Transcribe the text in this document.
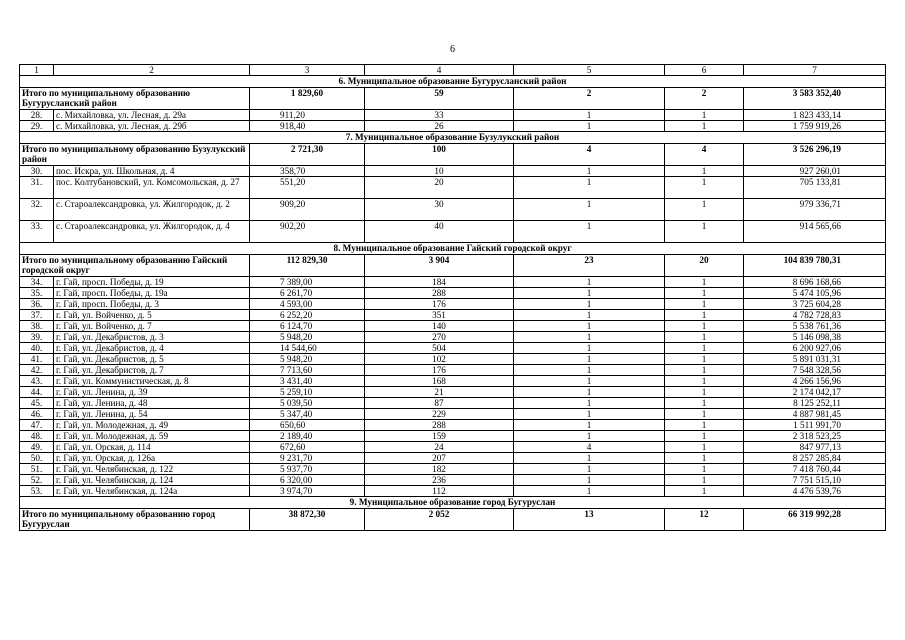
6
1	2	3	4	5	6	7
6. Муниципальное образование Бугурусланский район						
Итого по муниципальному образованию Бугурусланский район		1 829,60	59	2	2	3 583 352,40
28.	с. Михайловка, ул. Лесная, д. 29а	911,20	33	1	1	1 823 433,14
29.	с. Михайловка, ул. Лесная, д. 29б	918,40	26	1	1	1 759 919,26
7. Муниципальное образование Бузулукский район						
Итого по муниципальному образованию Бузулукский район		2 721,30	100	4	4	3 526 296,19
30.	пос. Искра, ул. Школьная, д. 4	358,70	10	1	1	927 260,01
31.	пос. Колтубановский, ул. Комсомольская, д. 27	551,20	20	1	1	705 133,81
32.	с. Староалександровка, ул. Жилгородок, д. 2	909,20	30	1	1	979 336,71
33.	с. Староалександровка, ул. Жилгородок, д. 4	902,20	40	1	1	914 565,66
8. Муниципальное образование Гайский городской округ						
Итого по муниципальному образованию Гайский городской округ		112 829,30	3 904	23	20	104 839 780,31
34.	г. Гай, просп. Победы, д. 19	7 389,00	184	1	1	8 696 168,66
35.	г. Гай, просп. Победы, д. 19а	6 261,70	288	1	1	5 474 105,96
36.	г. Гай, просп. Победы, д. 3	4 593,00	176	1	1	3 725 604,28
37.	г. Гай, ул. Войченко, д. 5	6 252,20	351	1	1	4 782 728,83
38.	г. Гай, ул. Войченко, д. 7	6 124,70	140	1	1	5 538 761,36
39.	г. Гай, ул. Декабристов, д. 3	5 948,20	270	1	1	5 146 098,38
40.	г. Гай, ул. Декабристов, д. 4	14 544,60	504	1	1	6 200 927,06
41.	г. Гай, ул. Декабристов, д. 5	5 948,20	102	1	1	5 891 031,31
42.	г. Гай, ул. Декабристов, д. 7	7 713,60	176	1	1	7 548 328,56
43.	г. Гай, ул. Коммунистическая, д. 8	3 431,40	168	1	1	4 266 156,96
44.	г. Гай, ул. Ленина, д. 39	5 259,10	21	1	1	2 174 042,17
45.	г. Гай, ул. Ленина, д. 48	5 039,50	87	1	1	8 125 252,11
46.	г. Гай, ул. Ленина, д. 54	5 347,40	229	1	1	4 887 981,45
47.	г. Гай, ул. Молодежная, д. 49	650,60	288	1	1	1 511 991,70
48.	г. Гай, ул. Молодежная, д. 59	2 189,40	159	1	1	2 318 523,25
49.	г. Гай, ул. Орская, д. 114	672,60	24	4	1	847 977,13
50.	г. Гай, ул. Орская, д. 126а	9 231,70	207	1	1	8 257 285,84
51.	г. Гай, ул. Челябинская, д. 122	5 937,70	182	1	1	7 418 760,44
52.	г. Гай, ул. Челябинская, д. 124	6 320,00	236	1	1	7 751 515,10
53.	г. Гай, ул. Челябинская, д. 124а	3 974,70	112	1	1	4 476 539,76
9. Муниципальное образование город Бугуруслан						
Итого по муниципальному образованию город Бугуруслан		38 872,30	2 052	13	12	66 319 992,28
